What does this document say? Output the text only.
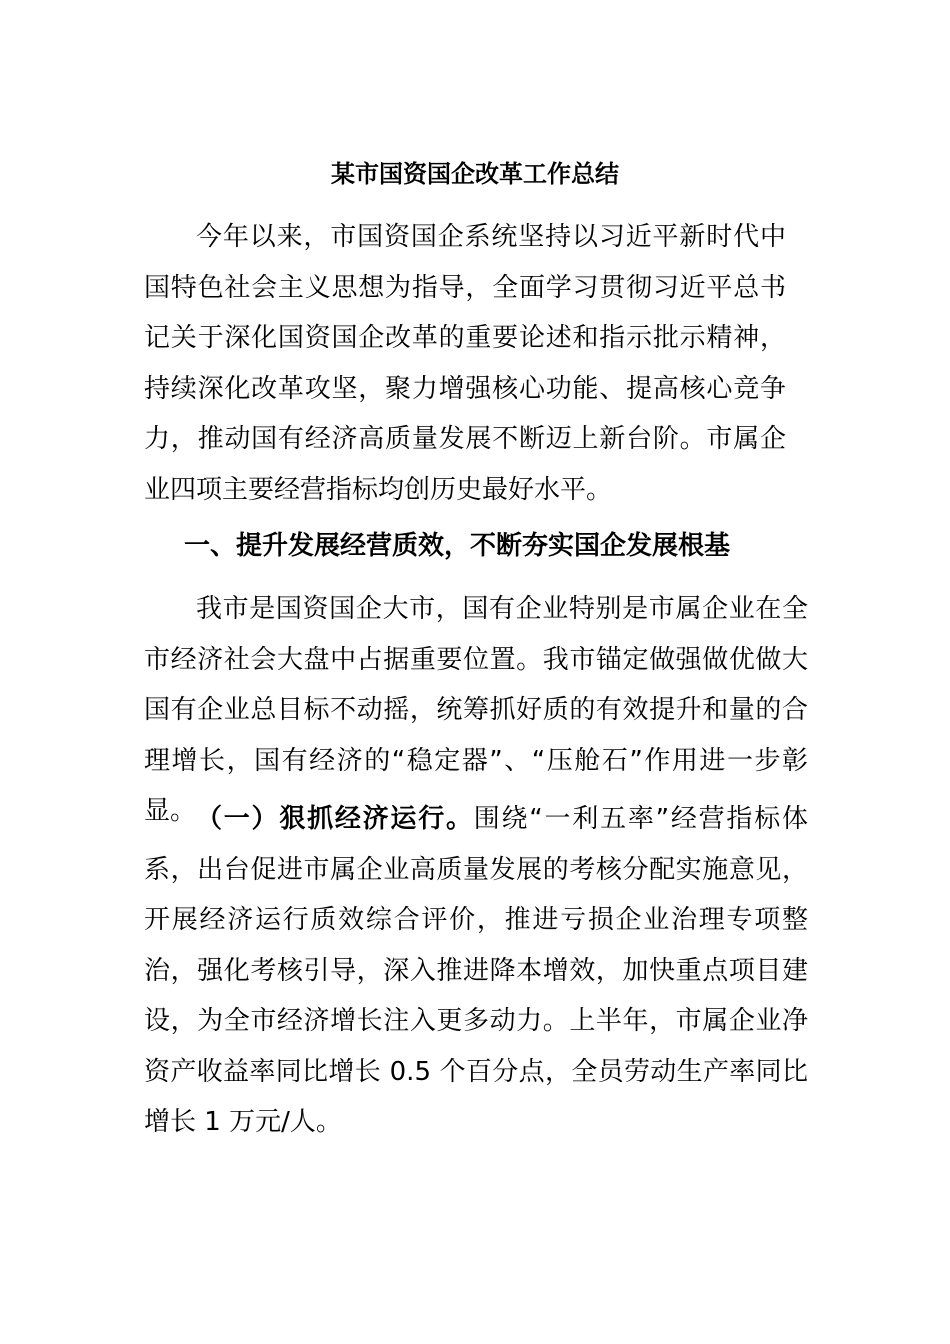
某市国资国企改革工作总结

今年以来，市国资国企系统坚持以习近平新时代中国特色社会主义思想为指导，全面学习贯彻习近平总书记关于深化国资国企改革的重要论述和指示批示精神，持续深化改革攻坚，聚力增强核心功能、提高核心竞争力，推动国有经济高质量发展不断迈上新台阶。市属企业四项主要经营指标均创历史最好水平。

一、提升发展经营质效，不断夯实国企发展根基

我市是国资国企大市，国有企业特别是市属企业在全市经济社会大盘中占据重要位置。我市锚定做强做优做大国有企业总目标不动摇，统筹抓好质的有效提升和量的合理增长，国有经济的“稳定器”、“压舱石”作用进一步彰显。 （一）狠抓经济运行。围绕“一利五率”经营指标体系，出台促进市属企业高质量发展的考核分配实施意见，开展经济运行质效综合评价，推进亏损企业治理专项整治，强化考核引导，深入推进降本增效，加快重点项目建设，为全市经济增长注入更多动力。上半年，市属企业净资产收益率同比增长 0.5 个百分点，全员劳动生产率同比增长 1 万元/人。
